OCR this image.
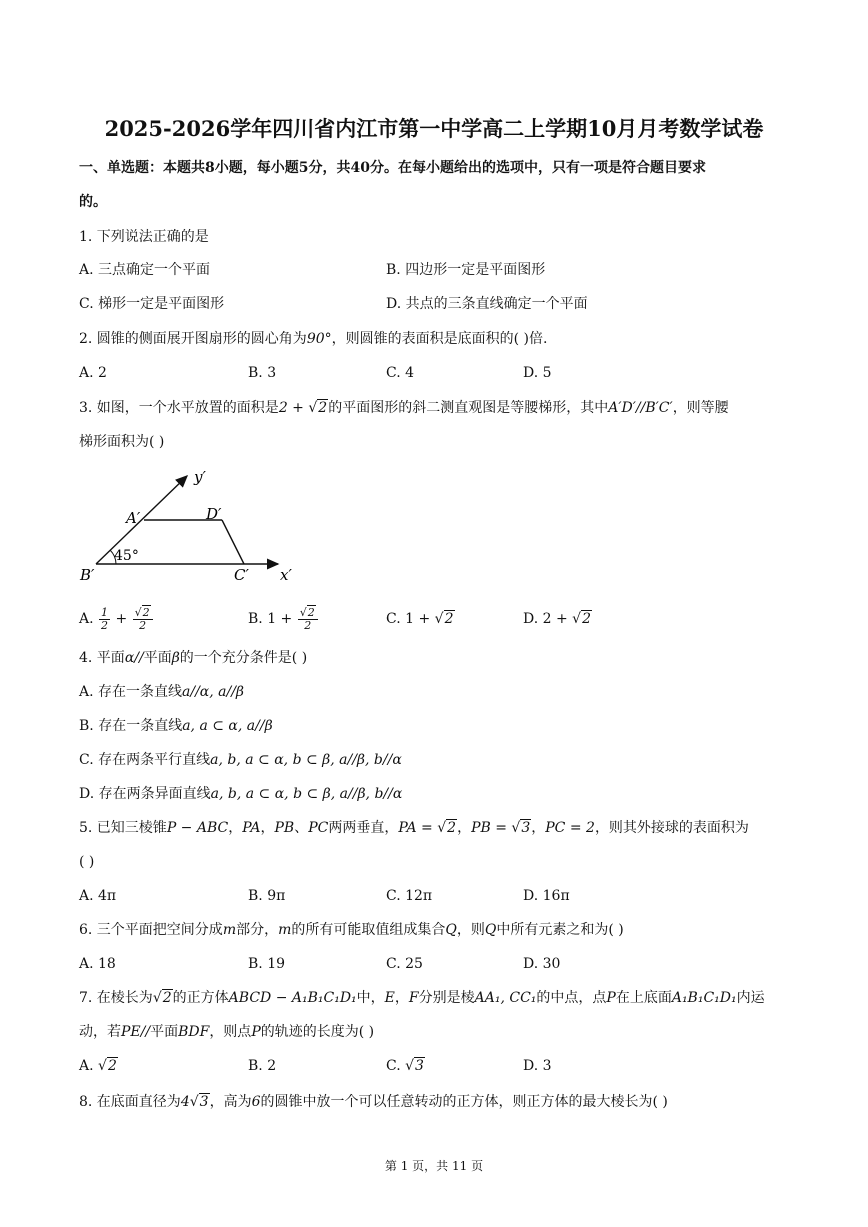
2025-2026学年四川省内江市第一中学高二上学期10月月考数学试卷
一、单选题：本题共8小题，每小题5分，共40分。在每小题给出的选项中，只有一项是符合题目要求
的。
1. 下列说法正确的是
A. 三点确定一个平面	B. 四边形一定是平面图形
C. 梯形一定是平面图形	D. 共点的三条直线确定一个平面
2. 圆锥的侧面展开图扇形的圆心角为90°，则圆锥的表面积是底面积的( )倍.
A. 2	B. 3	C. 4	D. 5
3. 如图，一个水平放置的面积是2 + √2的平面图形的斜二测直观图是等腰梯形，其中A′D′//B′C′，则等腰
梯形面积为( )
y′
x′
A′	D′
B′	C′
45°
A. $\frac{1}{2} + \frac{√2}{2}$	B. $1 + \frac{√2}{2}$	C. 1 + √2	D. 2 + √2
4. 平面α//平面β的一个充分条件是( )
A. 存在一条直线a//α, a//β
B. 存在一条直线a, a ⊂ α, a//β
C. 存在两条平行直线a, b, a ⊂ α, b ⊂ β, a//β, b//α
D. 存在两条异面直线a, b, a ⊂ α, b ⊂ β, a//β, b//α
5. 已知三棱锥P − ABC，PA，PB、PC两两垂直，PA = √2，PB = √3，PC = 2，则其外接球的表面积为
( )
A. 4π	B. 9π	C. 12π	D. 16π
6. 三个平面把空间分成m部分，m的所有可能取值组成集合Q，则Q中所有元素之和为( )
A. 18	B. 19	C. 25	D. 30
7. 在棱长为√2的正方体ABCD − A₁B₁C₁D₁中，E，F分别是棱AA₁, CC₁的中点，点P在上底面A₁B₁C₁D₁内运
动，若PE//平面BDF，则点P的轨迹的长度为( )
A. √2	B. 2	C. √3	D. 3
8. 在底面直径为4√3，高为6的圆锥中放一个可以任意转动的正方体，则正方体的最大棱长为( )
第 1 页，共 11 页
